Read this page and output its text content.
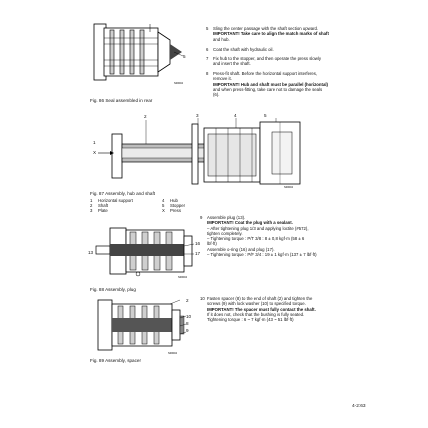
S00004
5
Fig. 86 Seal assembled in rear
5 Sling the center passage with the shaft section upward.
IMPORTANT! Take care to align the match marks of shaft
and hub.
6 Coat the shaft with hydraulic oil.
7 Fix hub to the stopper, and then operate the press slowly
and insert the shaft.
8 Press-fit shaft. Before the horizontal support interferes,
remove it.
IMPORTANT! Hub and shaft must be parallel (horizontal)
and when press-fitting, take care not to damage the seals
(6).
S00004
2	3	4	5
1
X
Fig. 87 Assembly, hub and shaft
1	Horizontal support
2	Shaft
3	Plate
4	Hub
5	Stopper
X	Press
S00004
16
17
13
Fig. 88 Assembly, plug
9 Assemble plug (13).
IMPORTANT! Coat the plug with a sealant.
– After tightening plug 1/3 and applying loctite (#572),
tighten completely.
– Tightening torque : P/T 3/8 : 8 ± 0,8 kgf·m (58 ± 6
lbf·ft)
Assemble o-ring (16) and plug (17).
– Tightening torque : P/F 3/4 : 19 ± 1 kgf·m (137 ± 7 lbf·ft)
S00004
2
10
8
9
Fig. 89 Assembly, spacer
10 Fasten spacer (8) to the end of shaft (2) and tighten the
screws (9) with lock washer (10) to specified torque.
IMPORTANT! The spacer must fully contact the shaft.
If it does not, check that the bushing is fully seated.
Tightening torque : 6 ~ 7 kgf·m (43 ~ 51 lbf·ft)
4-2:63
